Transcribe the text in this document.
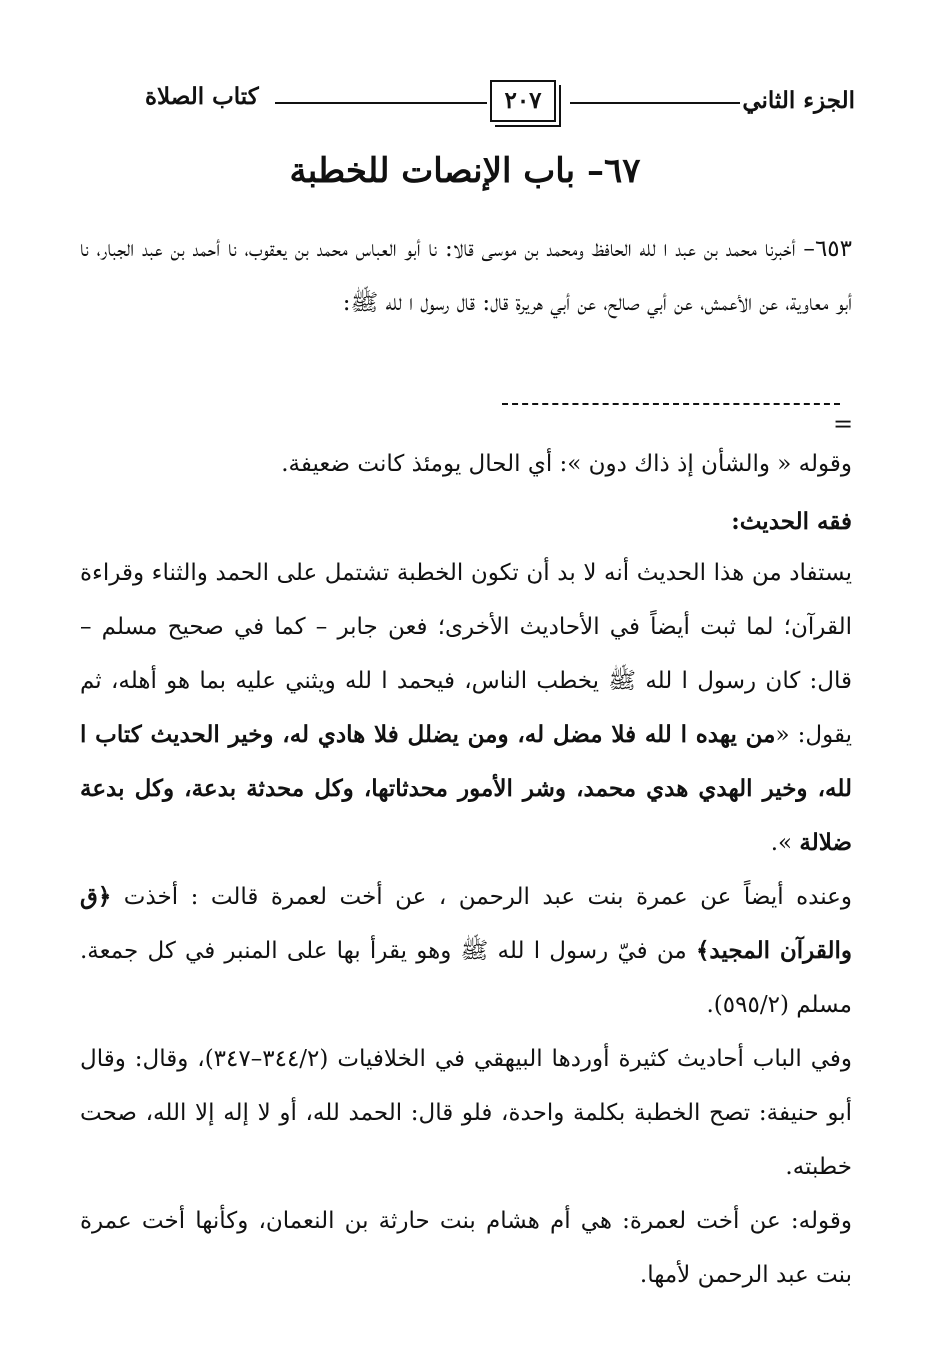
الجزء الثاني
٢٠٧
كتاب الصلاة
٦٧– باب الإنصات للخطبة

٦٥٣– أخبرنا محمد بن عبد ا لله الحافظ ومحمد بن موسى قالا: نا أبو العباس محمد بن يعقوب، نا أحمد بن عبد الجبار، نا أبو معاوية، عن الأعمش، عن أبي صالح، عن أبي هريرة قال: قال رسول ا لله ﷺ:

=
وقوله « والشأن إذ ذاك دون »: أي الحال يومئذ كانت ضعيفة.
فقه الحديث:

يستفاد من هذا الحديث أنه لا بد أن تكون الخطبة تشتمل على الحمد والثناء وقراءة القرآن؛ لما ثبت أيضاً في الأحاديث الأخرى؛ فعن جابر – كما في صحيح مسلم – قال: كان رسول ا لله ﷺ يخطب الناس، فيحمد ا لله ويثني عليه بما هو أهله، ثم يقول: «من يهده ا لله فلا مضل له، ومن يضلل فلا هادي له، وخير الحديث كتاب ا لله، وخير الهدي هدي محمد، وشر الأمور محدثاتها، وكل محدثة بدعة، وكل بدعة ضلالة ».

وعنده أيضاً عن عمرة بنت عبد الرحمن ، عن أخت لعمرة قالت : أخذت ﴿ق والقرآن المجيد﴾ من فيّ رسول ا لله ﷺ وهو يقرأ بها على المنبر في كل جمعة. مسلم (٥٩٥/٢).

وفي الباب أحاديث كثيرة أوردها البيهقي في الخلافيات (٣٤٤/٢–٣٤٧)، وقال: وقال أبو حنيفة: تصح الخطبة بكلمة واحدة، فلو قال: الحمد لله، أو لا إله إلا الله، صحت خطبته.

وقوله: عن أخت لعمرة: هي أم هشام بنت حارثة بن النعمان، وكأنها أخت عمرة بنت عبد الرحمن لأمها.
